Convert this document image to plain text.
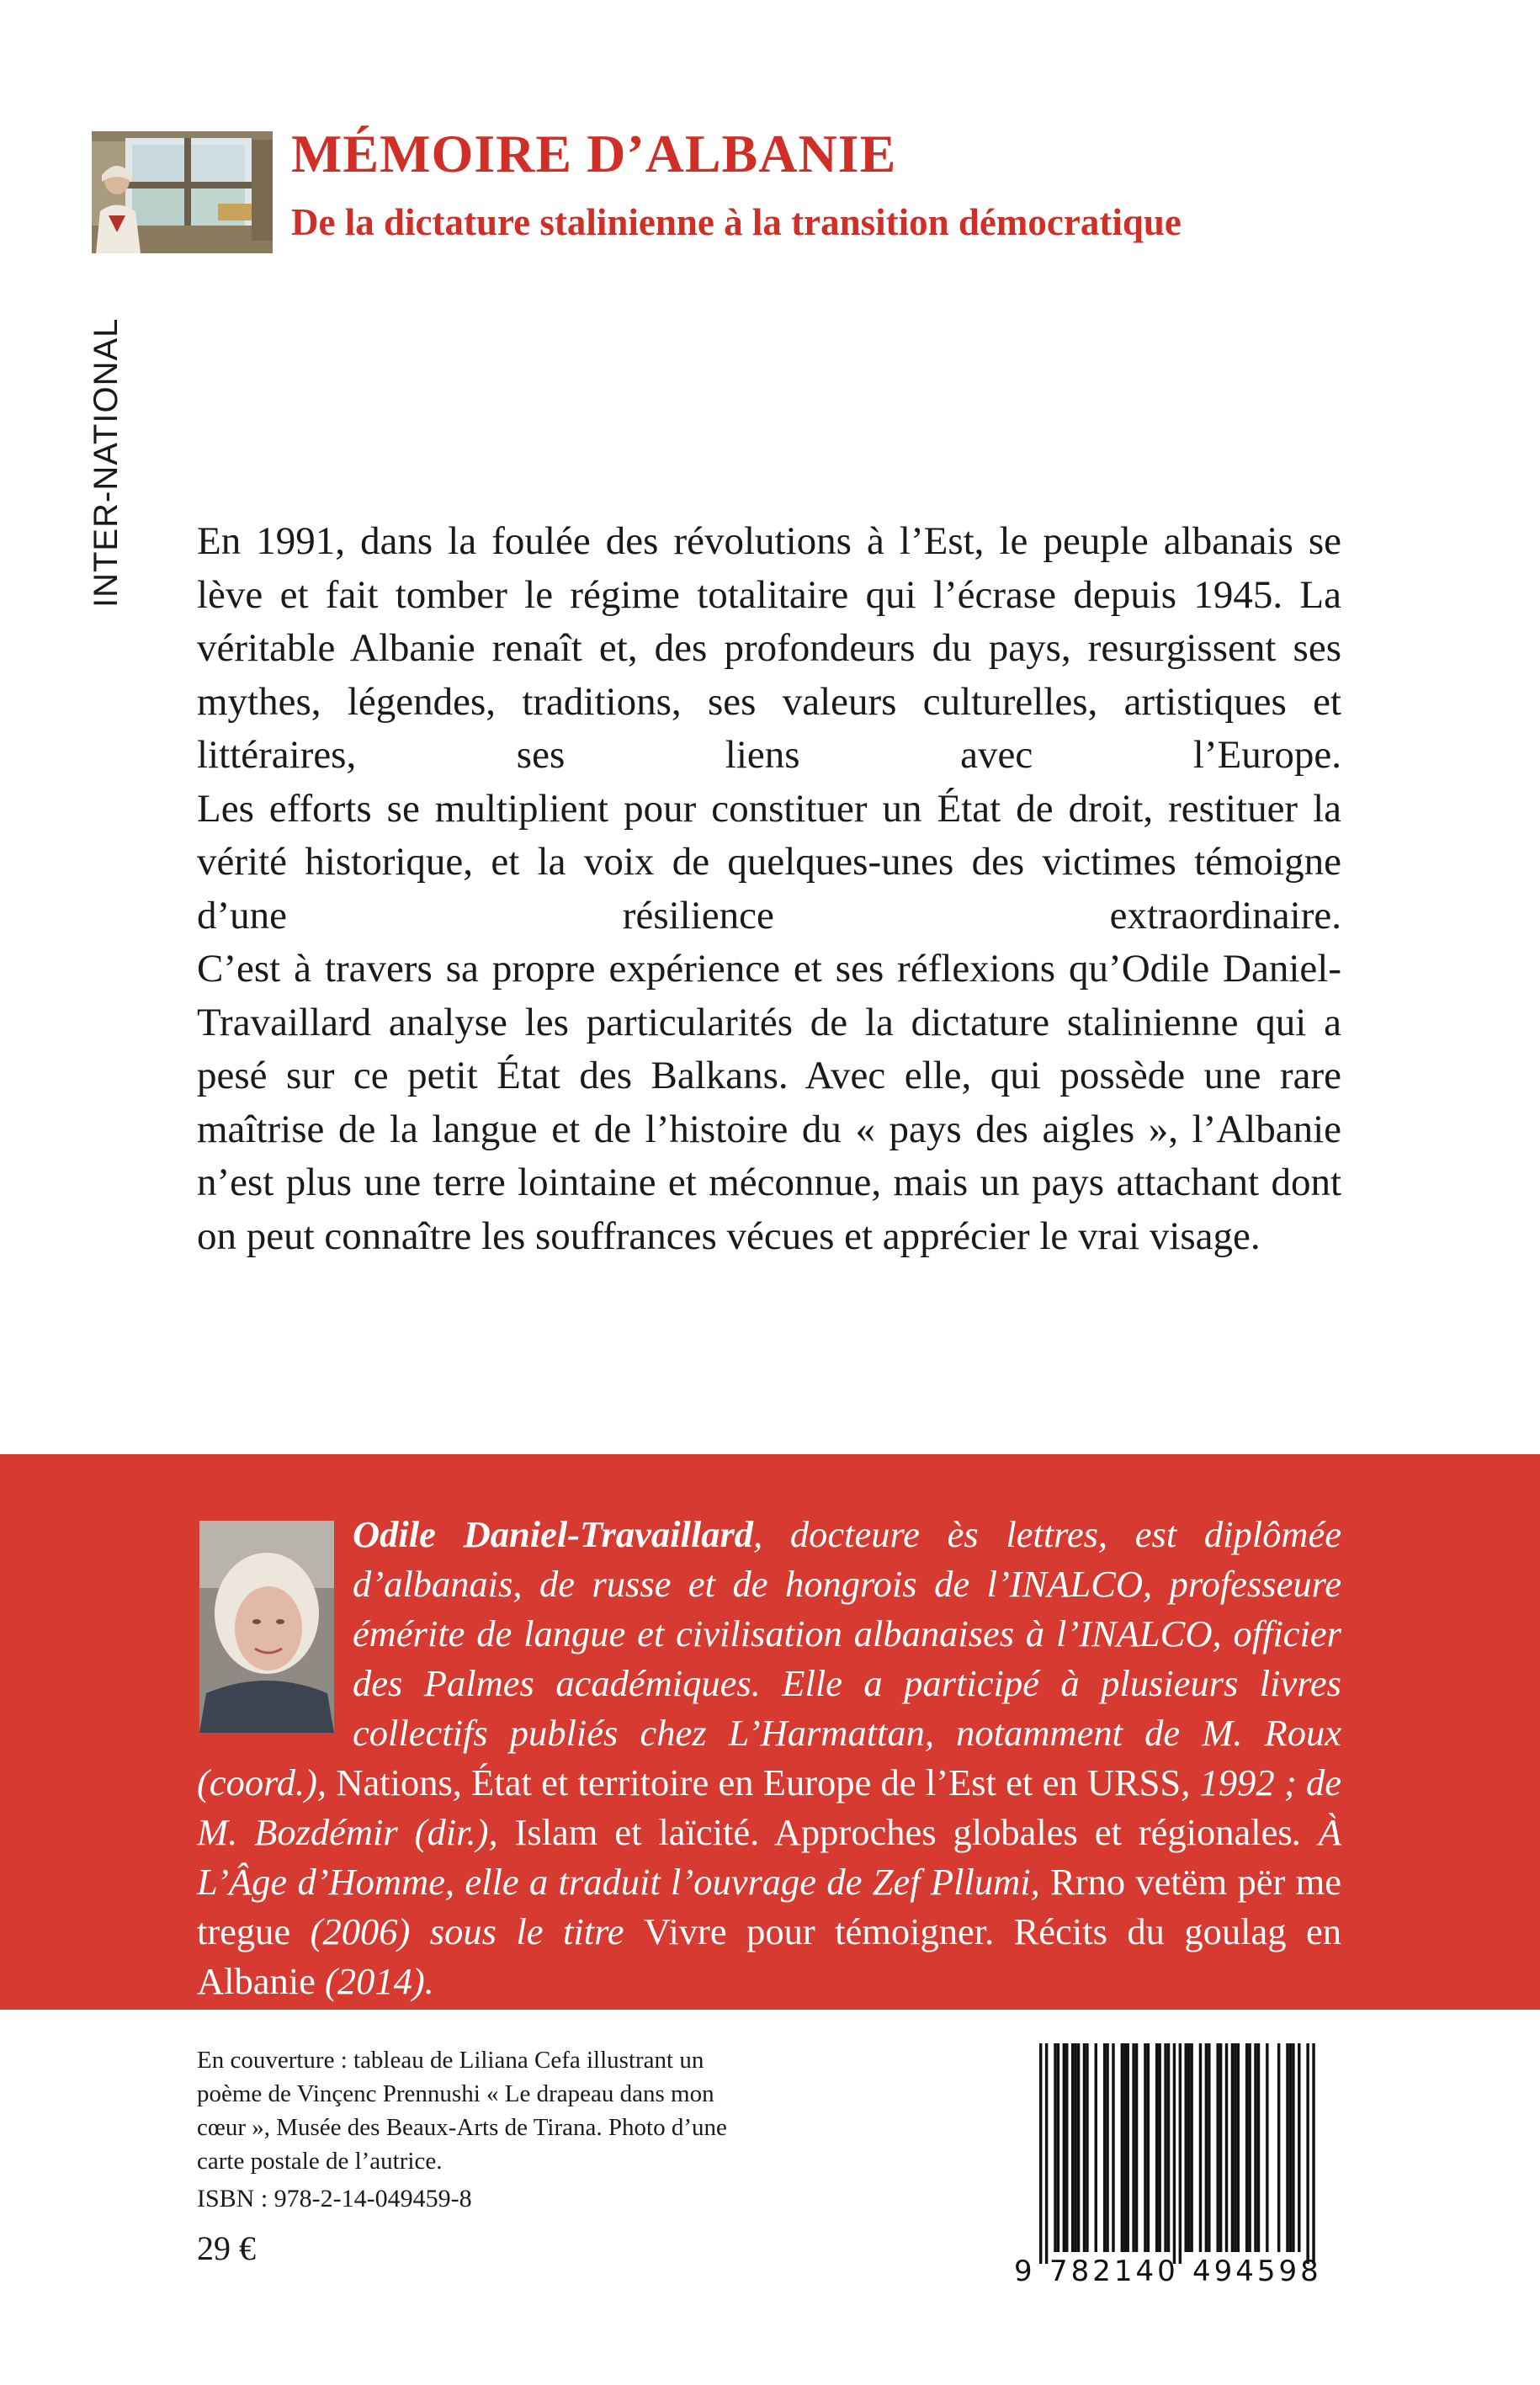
INTER-NATIONAL
MÉMOIRE D’ALBANIE
De la dictature stalinienne à la transition démocratique

En 1991, dans la foulée des révolutions à l’Est, le peuple albanais se lève et fait tomber le régime totalitaire qui l’écrase depuis 1945. La véritable Albanie renaît et, des profondeurs du pays, resurgissent ses mythes, légendes, traditions, ses valeurs culturelles, artistiques et littéraires, ses liens avec l’Europe.

Les efforts se multiplient pour constituer un État de droit, restituer la vérité historique, et la voix de quelques-unes des victimes témoigne d’une résilience extraordinaire.

C’est à travers sa propre expérience et ses réflexions qu’Odile Daniel-Travaillard analyse les particularités de la dictature stalinienne qui a pesé sur ce petit État des Balkans. Avec elle, qui possède une rare maîtrise de la langue et de l’histoire du « pays des aigles », l’Albanie n’est plus une terre lointaine et méconnue, mais un pays attachant dont on peut connaître les souffrances vécues et apprécier le vrai visage.

Odile Daniel-Travaillard, docteure ès lettres, est diplômée d’albanais, de russe et de hongrois de l’INALCO, professeure émérite de langue et civilisation albanaises à l’INALCO, officier des Palmes académiques. Elle a participé à plusieurs livres collectifs publiés chez L’Harmattan, notamment de M. Roux (coord.), Nations, État et territoire en Europe de l’Est et en URSS, 1992 ; de M. Bozdémir (dir.), Islam et laïcité. Approches globales et régionales. À L’Âge d’Homme, elle a traduit l’ouvrage de Zef Pllumi, Rrno vetëm për me tregue (2006) sous le titre Vivre pour témoigner. Récits du goulag en Albanie (2014).

En couverture : tableau de Liliana Cefa illustrant un poème de Vinçenc Prennushi « Le drapeau dans mon cœur », Musée des Beaux-Arts de Tirana. Photo d’une carte postale de l’autrice.

ISBN : 978-2-14-049459-8

29 €

9 782140 494598
